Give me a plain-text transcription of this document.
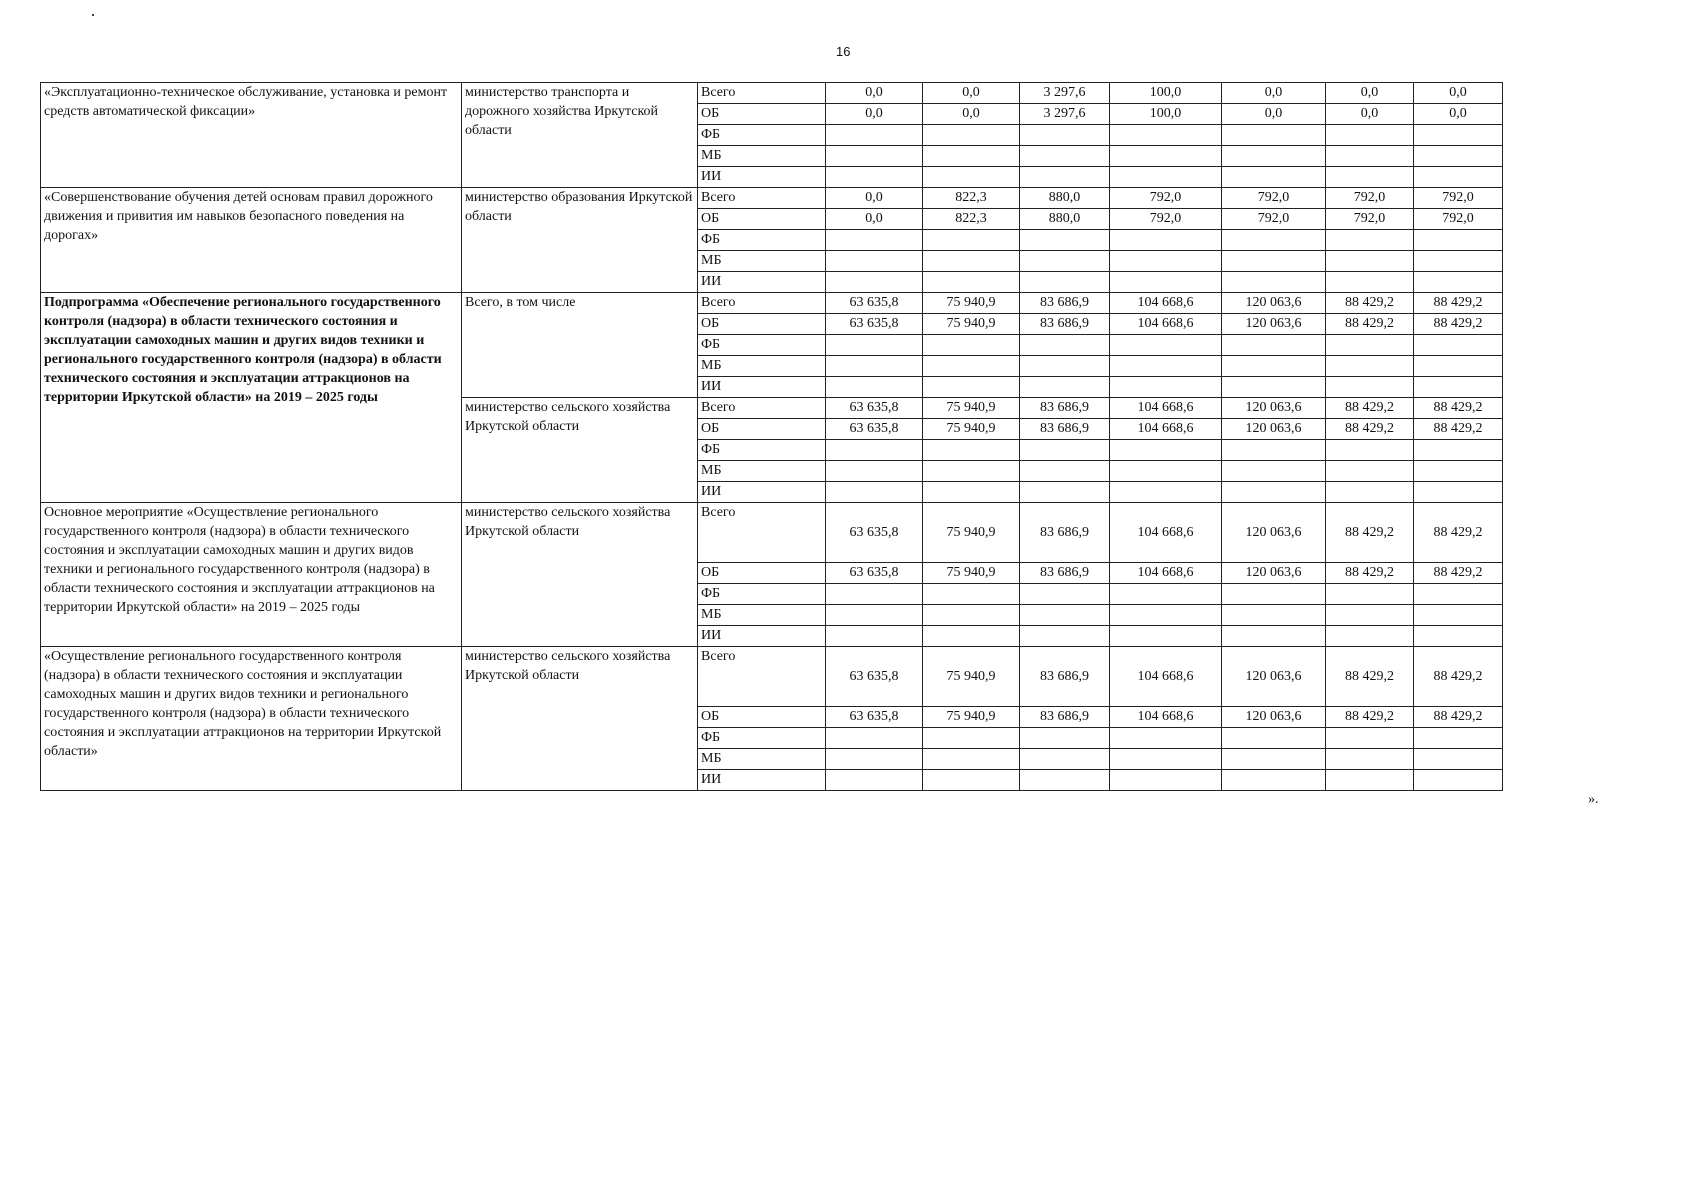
16
«Эксплуатационно-техническое обслуживание, установка и ремонт средств автоматической фиксации»	министерство транспорта и дорожного хозяйства Иркутской области	Всего	0,0	0,0	3 297,6	100,0	0,0	0,0	0,0
		ОБ	0,0	0,0	3 297,6	100,0	0,0	0,0	0,0
		ФБ							
		МБ							
		ИИ							
«Совершенствование обучения детей основам правил дорожного движения и привития им навыков безопасного поведения на дорогах»	министерство образования Иркутской области	Всего	0,0	822,3	880,0	792,0	792,0	792,0	792,0
		ОБ	0,0	822,3	880,0	792,0	792,0	792,0	792,0
		ФБ							
		МБ							
		ИИ							
Подпрограмма «Обеспечение регионального государственного контроля (надзора) в области технического состояния и эксплуатации самоходных машин и других видов техники и регионального государственного контроля (надзора) в области технического состояния и эксплуатации аттракционов на территории Иркутской области» на 2019 – 2025 годы	Всего, в том числе	Всего	63 635,8	75 940,9	83 686,9	104 668,6	120 063,6	88 429,2	88 429,2
		ОБ	63 635,8	75 940,9	83 686,9	104 668,6	120 063,6	88 429,2	88 429,2
		ФБ							
		МБ							
		ИИ							
	министерство сельского хозяйства Иркутской области	Всего	63 635,8	75 940,9	83 686,9	104 668,6	120 063,6	88 429,2	88 429,2
		ОБ	63 635,8	75 940,9	83 686,9	104 668,6	120 063,6	88 429,2	88 429,2
		ФБ							
		МБ							
		ИИ							
Основное мероприятие «Осуществление регионального государственного контроля (надзора) в области технического состояния и эксплуатации самоходных машин и других видов техники и регионального государственного контроля (надзора) в области технического состояния и эксплуатации аттракционов на территории Иркутской области» на 2019 – 2025 годы	министерство сельского хозяйства Иркутской области	Всего	63 635,8	75 940,9	83 686,9	104 668,6	120 063,6	88 429,2	88 429,2
		ОБ	63 635,8	75 940,9	83 686,9	104 668,6	120 063,6	88 429,2	88 429,2
		ФБ							
		МБ							
		ИИ							
«Осуществление регионального государственного контроля (надзора) в области технического состояния и эксплуатации самоходных машин и других видов техники и регионального государственного контроля (надзора) в области технического состояния и эксплуатации аттракционов на территории Иркутской области»	министерство сельского хозяйства Иркутской области	Всего	63 635,8	75 940,9	83 686,9	104 668,6	120 063,6	88 429,2	88 429,2
		ОБ	63 635,8	75 940,9	83 686,9	104 668,6	120 063,6	88 429,2	88 429,2
		ФБ							
		МБ							
		ИИ							
».
